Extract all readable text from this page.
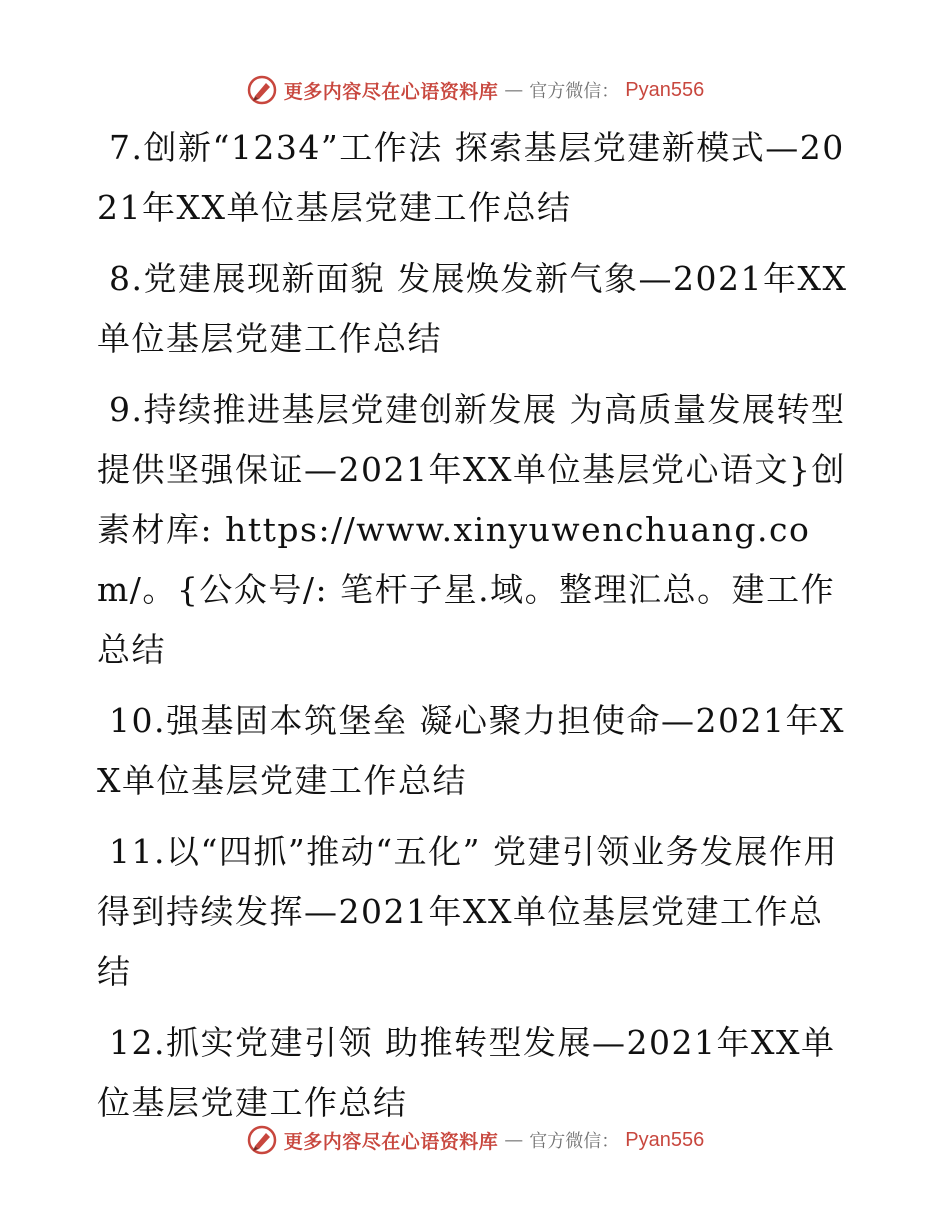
更多内容尽在心语资料库 — 官方微信： Pyan556

7.创新“1234”工作法 探索基层党建新模式—2021年XX单位基层党建工作总结

8.党建展现新面貌 发展焕发新气象—2021年XX单位基层党建工作总结

9.持续推进基层党建创新发展 为高质量发展转型提供坚强保证—2021年XX单位基层党心语文}创素材库: https://www.xinyuwenchuang.com/。{公众号/: 笔杆子星.域。整理汇总。建工作总结

10.强基固本筑堡垒 凝心聚力担使命—2021年XX单位基层党建工作总结

11.以“四抓”推动“五化” 党建引领业务发展作用得到持续发挥—2021年XX单位基层党建工作总结

12.抓实党建引领 助推转型发展—2021年XX单位基层党建工作总结

更多内容尽在心语资料库 — 官方微信： Pyan556
